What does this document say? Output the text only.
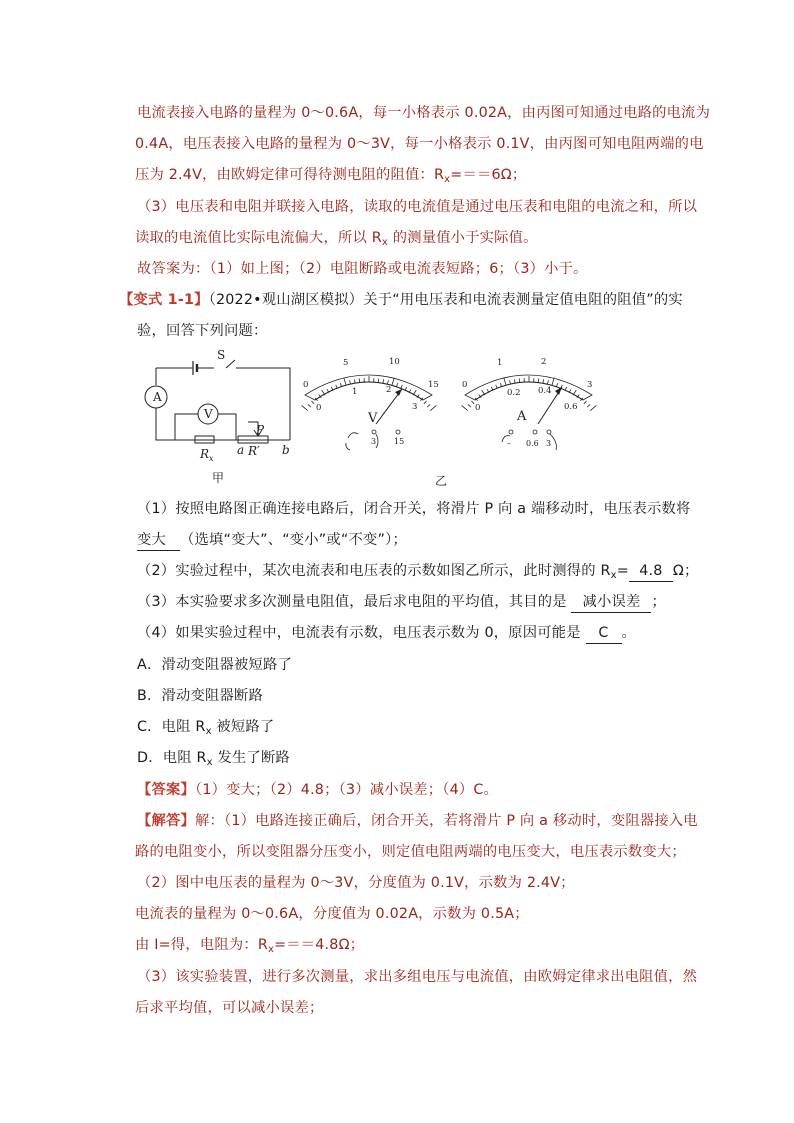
电流表接入电路的量程为 0～0.6A，每一小格表示 0.02A，由丙图可知通过电路的电流为
0.4A，电压表接入电路的量程为 0～3V，每一小格表示 0.1V，由丙图可知电阻两端的电
压为 2.4V，由欧姆定律可得待测电阻的阻值：$R_x===6\Omega$；
（3）电压表和电阻并联接入电路，读取的电流值是通过电压表和电阻的电流之和，所以
读取的电流值比实际电流偏大，所以 $R_x$ 的测量值小于实际值。
故答案为：（1）如上图；（2）电阻断路或电流表短路；6；（3）小于。
【变式 1-1】（2022•观山湖区模拟）关于“用电压表和电流表测量定值电阻的阻值”的实
验，回答下列问题：
A
V
S
$R_x$
P
a R′ b
甲
0
5	10
15
0
1	2
3
V
3 15
0
1	2
3
0
0.2 0.4
0.6
A
– 0.6 3
乙
（1）按照电路图正确连接电路后，闭合开关，将滑片 P 向 a 端移动时，电压表示数将
变大 （选填“变大”、“变小”或“不变”）；
（2）实验过程中，某次电流表和电压表的示数如图乙所示，此时测得的 $R_x= 4.8$ Ω；
（3）本实验要求多次测量电阻值，最后求电阻的平均值，其目的是 减小误差 ；
（4）如果实验过程中，电流表有示数，电压表示数为 0，原因可能是 C 。
A．滑动变阻器被短路了
B．滑动变阻器断路
C．电阻 $R_x$ 被短路了
D．电阻 $R_x$ 发生了断路
【答案】（1）变大；（2）4.8；（3）减小误差；（4）C。
【解答】解：（1）电路连接正确后，闭合开关，若将滑片 P 向 a 移动时，变阻器接入电
路的电阻变小，所以变阻器分压变小，则定值电阻两端的电压变大，电压表示数变大；
（2）图中电压表的量程为 0～3V，分度值为 0.1V，示数为 2.4V；
电流表的量程为 0～0.6A，分度值为 0.02A，示数为 0.5A；
由 I=得，电阻为：$R_x===4.8\Omega$；
（3）该实验装置，进行多次测量，求出多组电压与电流值，由欧姆定律求出电阻值，然
后求平均值，可以减小误差；
